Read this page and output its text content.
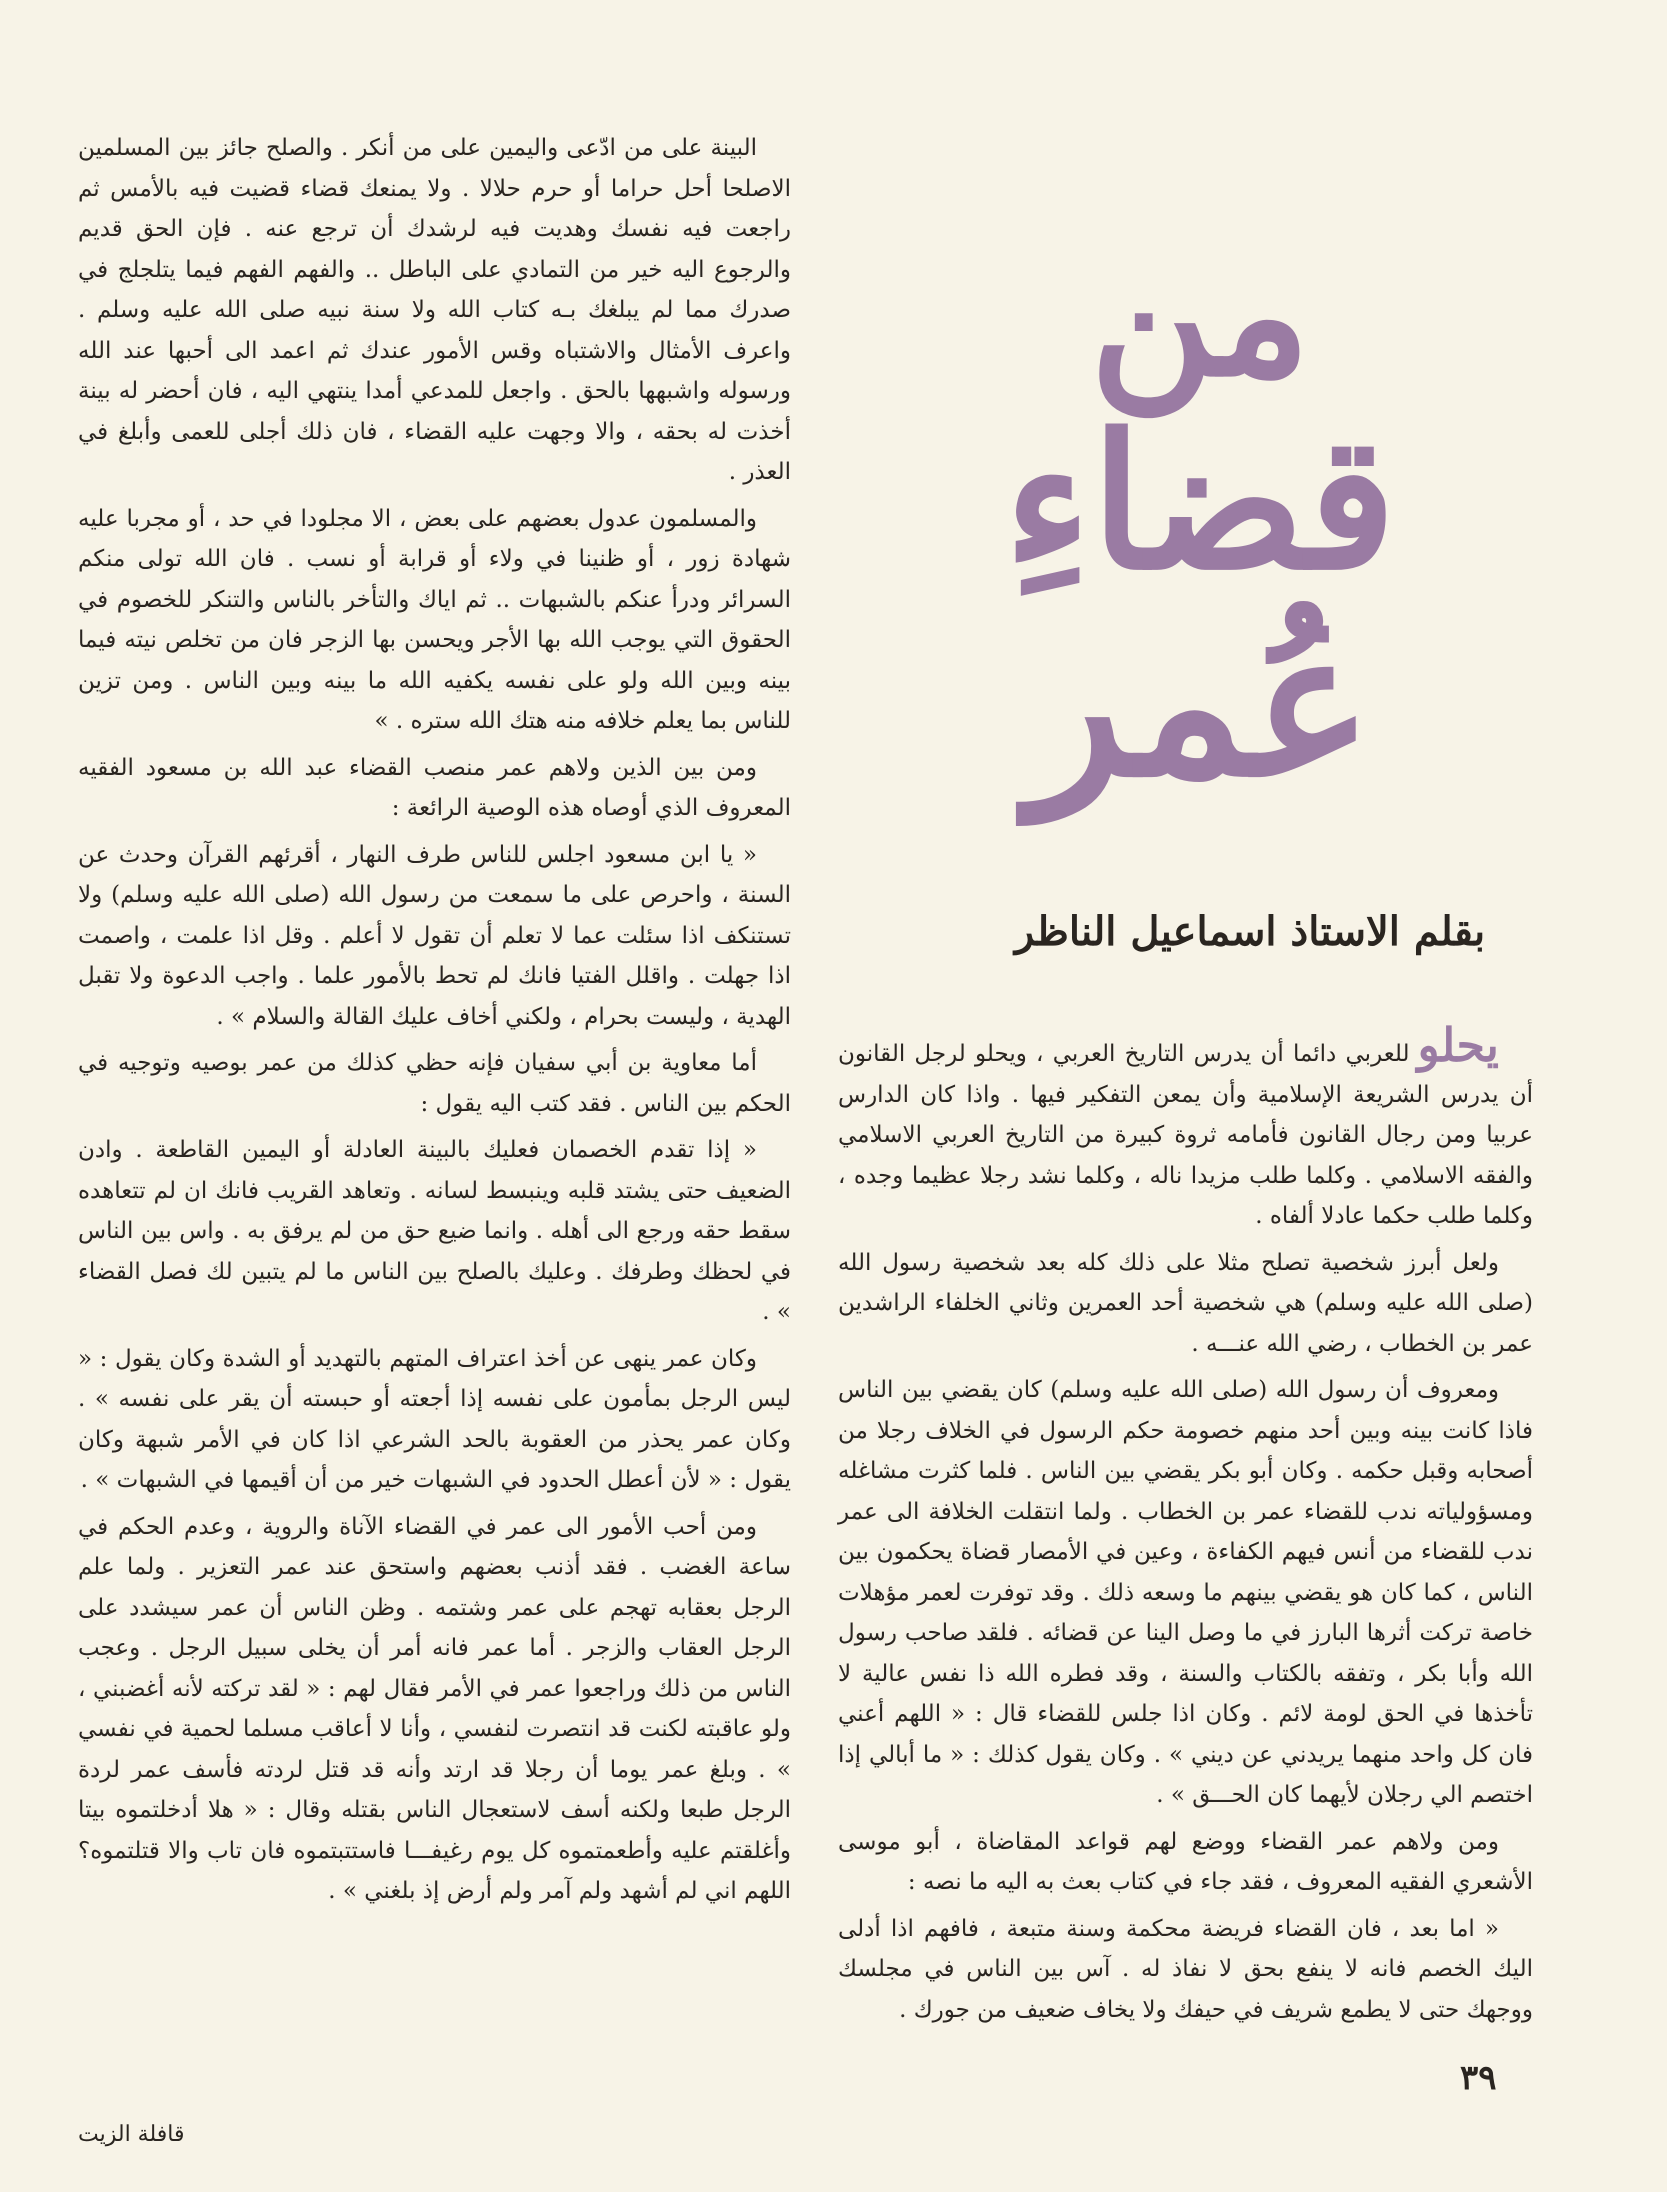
من
قضاءِ
عُمر
بقلم الاستاذ اسماعيل الناظر

يحلوللعربي دائما أن يدرس التاريخ العربي ، ويحلو لرجل القانون أن يدرس الشريعة الإسلامية وأن يمعن التفكير فيها . واذا كان الدارس عربيا ومن رجال القانون فأمامه ثروة كبيرة من التاريخ العربي الاسلامي والفقه الاسلامي . وكلما طلب مزيدا ناله ، وكلما نشد رجلا عظيما وجده ، وكلما طلب حكما عادلا ألفاه .

ولعل أبرز شخصية تصلح مثلا على ذلك كله بعد شخصية رسول الله (صلى الله عليه وسلم) هي شخصية أحد العمرين وثاني الخلفاء الراشدين عمر بن الخطاب ، رضي الله عنـــه .

ومعروف أن رسول الله (صلى الله عليه وسلم) كان يقضي بين الناس فاذا كانت بينه وبين أحد منهم خصومة حكم الرسول في الخلاف رجلا من أصحابه وقبل حكمه . وكان أبو بكر يقضي بين الناس . فلما كثرت مشاغله ومسؤولياته ندب للقضاء عمر بن الخطاب . ولما انتقلت الخلافة الى عمر ندب للقضاء من أنس فيهم الكفاءة ، وعين في الأمصار قضاة يحكمون بين الناس ، كما كان هو يقضي بينهم ما وسعه ذلك . وقد توفرت لعمر مؤهلات خاصة تركت أثرها البارز في ما وصل الينا عن قضائه . فلقد صاحب رسول الله وأبا بكر ، وتفقه بالكتاب والسنة ، وقد فطره الله ذا نفس عالية لا تأخذها في الحق لومة لائم . وكان اذا جلس للقضاء قال : « اللهم أعني فان كل واحد منهما يريدني عن ديني » . وكان يقول كذلك : « ما أبالي إذا اختصم الي رجلان لأيهما كان الحـــق » .

ومن ولاهم عمر القضاء ووضع لهم قواعد المقاضاة ، أبو موسى الأشعري الفقيه المعروف ، فقد جاء في كتاب بعث به اليه ما نصه :

« اما بعد ، فان القضاء فريضة محكمة وسنة متبعة ، فافهم اذا أدلى اليك الخصم فانه لا ينفع بحق لا نفاذ له . آس بين الناس في مجلسك ووجهك حتى لا يطمع شريف في حيفك ولا يخاف ضعيف من جورك .

البينة على من ادّعى واليمين على من أنكر . والصلح جائز بين المسلمين الاصلحا أحل حراما أو حرم حلالا . ولا يمنعك قضاء قضيت فيه بالأمس ثم راجعت فيه نفسك وهديت فيه لرشدك أن ترجع عنه . فإن الحق قديم والرجوع اليه خير من التمادي على الباطل .. والفهم الفهم فيما يتلجلج في صدرك مما لم يبلغك بـه كتاب الله ولا سنة نبيه صلى الله عليه وسلم . واعرف الأمثال والاشتباه وقس الأمور عندك ثم اعمد الى أحبها عند الله ورسوله واشبهها بالحق . واجعل للمدعي أمدا ينتهي اليه ، فان أحضر له بينة أخذت له بحقه ، والا وجهت عليه القضاء ، فان ذلك أجلى للعمى وأبلغ في العذر .

والمسلمون عدول بعضهم على بعض ، الا مجلودا في حد ، أو مجربا عليه شهادة زور ، أو ظنينا في ولاء أو قرابة أو نسب . فان الله تولى منكم السرائر ودرأ عنكم بالشبهات .. ثم اياك والتأخر بالناس والتنكر للخصوم في الحقوق التي يوجب الله بها الأجر ويحسن بها الزجر فان من تخلص نيته فيما بينه وبين الله ولو على نفسه يكفيه الله ما بينه وبين الناس . ومن تزين للناس بما يعلم خلافه منه هتك الله ستره . »

ومن بين الذين ولاهم عمر منصب القضاء عبد الله بن مسعود الفقيه المعروف الذي أوصاه هذه الوصية الرائعة :

« يا ابن مسعود اجلس للناس طرف النهار ، أقرئهم القرآن وحدث عن السنة ، واحرص على ما سمعت من رسول الله (صلى الله عليه وسلم) ولا تستنكف اذا سئلت عما لا تعلم أن تقول لا أعلم . وقل اذا علمت ، واصمت اذا جهلت . واقلل الفتيا فانك لم تحط بالأمور علما . واجب الدعوة ولا تقبل الهدية ، وليست بحرام ، ولكني أخاف عليك القالة والسلام » .

أما معاوية بن أبي سفيان فإنه حظي كذلك من عمر بوصيه وتوجيه في الحكم بين الناس . فقد كتب اليه يقول :

« إذا تقدم الخصمان فعليك بالبينة العادلة أو اليمين القاطعة . وادن الضعيف حتى يشتد قلبه وينبسط لسانه . وتعاهد القريب فانك ان لم تتعاهده سقط حقه ورجع الى أهله . وانما ضيع حق من لم يرفق به . واس بين الناس في لحظك وطرفك . وعليك بالصلح بين الناس ما لم يتبين لك فصل القضاء » .

وكان عمر ينهى عن أخذ اعتراف المتهم بالتهديد أو الشدة وكان يقول : « ليس الرجل بمأمون على نفسه إذا أجعته أو حبسته أن يقر على نفسه » . وكان عمر يحذر من العقوبة بالحد الشرعي اذا كان في الأمر شبهة وكان يقول : « لأن أعطل الحدود في الشبهات خير من أن أقيمها في الشبهات » .

ومن أحب الأمور الى عمر في القضاء الآناة والروية ، وعدم الحكم في ساعة الغضب . فقد أذنب بعضهم واستحق عند عمر التعزير . ولما علم الرجل بعقابه تهجم على عمر وشتمه . وظن الناس أن عمر سيشدد على الرجل العقاب والزجر . أما عمر فانه أمر أن يخلى سبيل الرجل . وعجب الناس من ذلك وراجعوا عمر في الأمر فقال لهم : « لقد تركته لأنه أغضبني ، ولو عاقبته لكنت قد انتصرت لنفسي ، وأنا لا أعاقب مسلما لحمية في نفسي » . وبلغ عمر يوما أن رجلا قد ارتد وأنه قد قتل لردته فأسف عمر لردة الرجل طبعا ولكنه أسف لاستعجال الناس بقتله وقال : « هلا أدخلتموه بيتا وأغلقتم عليه وأطعمتموه كل يوم رغيفـــا فاستتبتموه فان تاب والا قتلتموه؟ اللهم اني لم أشهد ولم آمر ولم أرض إذ بلغني » .

٣٩
قافلة الزيت
